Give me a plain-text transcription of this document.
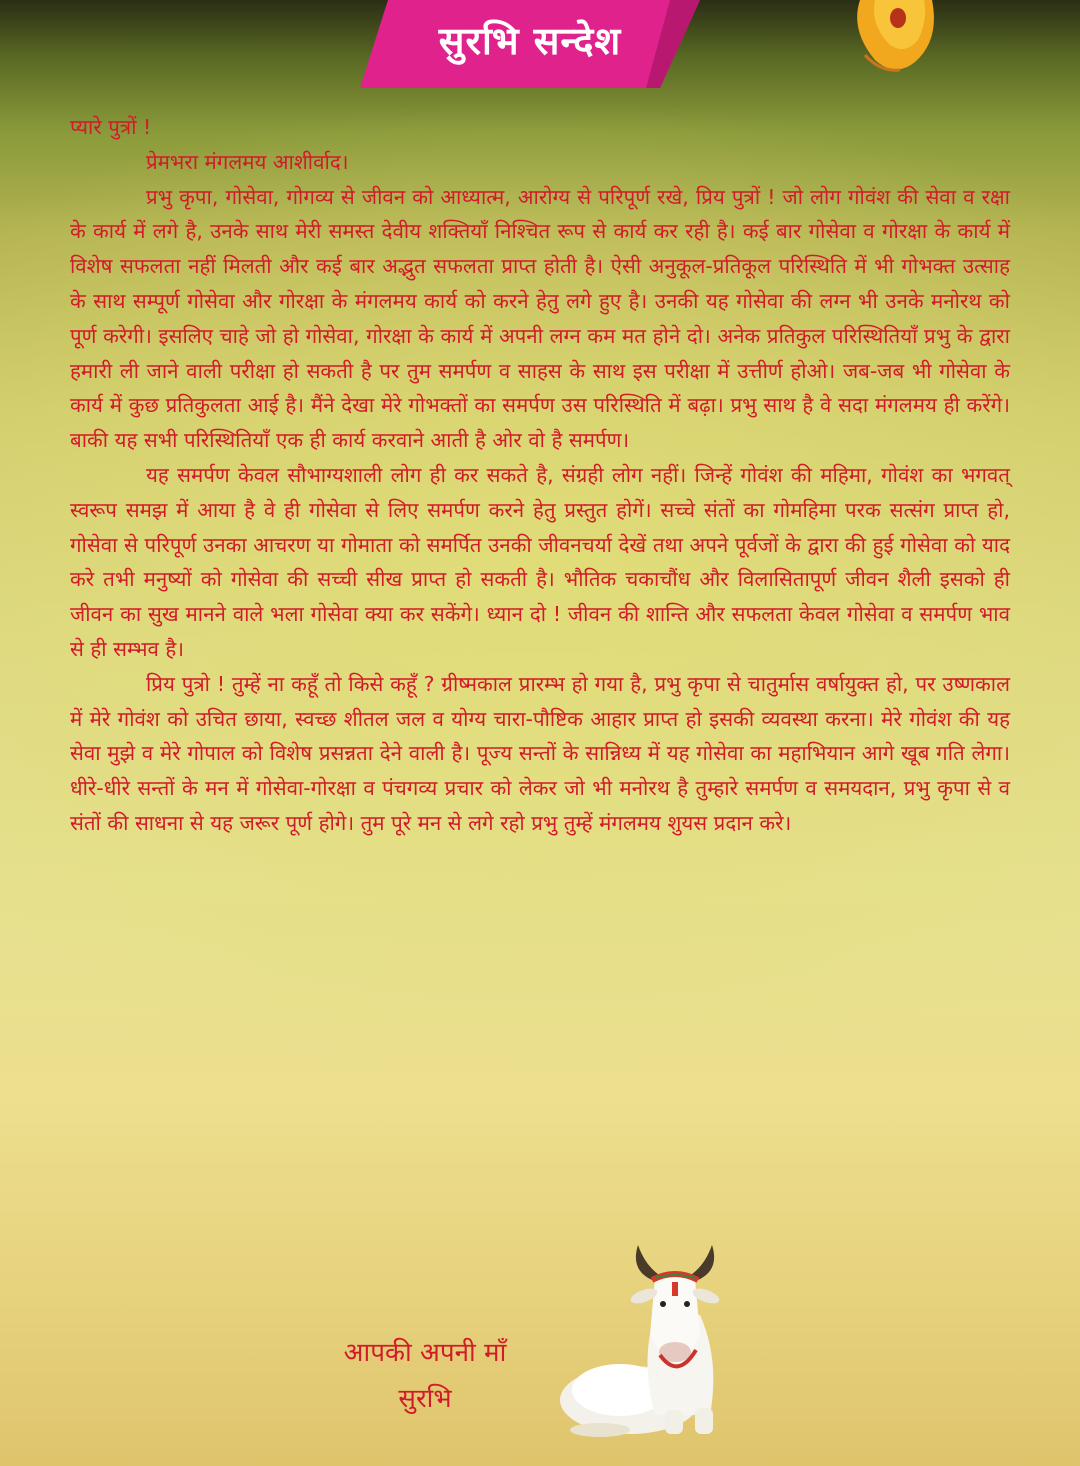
सुरभि सन्देश

प्यारे पुत्रों !

प्रेमभरा मंगलमय आशीर्वाद।

प्रभु कृपा, गोसेवा, गोगव्य से जीवन को आध्यात्म, आरोग्य से परिपूर्ण रखे, प्रिय पुत्रों ! जो लोग गोवंश की सेवा व रक्षा के कार्य में लगे है, उनके साथ मेरी समस्त देवीय शक्तियाँ निश्चित रूप से कार्य कर रही है। कई बार गोसेवा व गोरक्षा के कार्य में विशेष सफलता नहीं मिलती और कई बार अद्भुत सफलता प्राप्त होती है। ऐसी अनुकूल-प्रतिकूल परिस्थिति में भी गोभक्त उत्साह के साथ सम्पूर्ण गोसेवा और गोरक्षा के मंगलमय कार्य को करने हेतु लगे हुए है। उनकी यह गोसेवा की लग्न भी उनके मनोरथ को पूर्ण करेगी। इसलिए चाहे जो हो गोसेवा, गोरक्षा के कार्य में अपनी लग्न कम मत होने दो। अनेक प्रतिकुल परिस्थितियाँ प्रभु के द्वारा हमारी ली जाने वाली परीक्षा हो सकती है पर तुम समर्पण व साहस के साथ इस परीक्षा में उत्तीर्ण होओ। जब-जब भी गोसेवा के कार्य में कुछ प्रतिकुलता आई है। मैंने देखा मेरे गोभक्तों का समर्पण उस परिस्थिति में बढ़ा। प्रभु साथ है वे सदा मंगलमय ही करेंगे। बाकी यह सभी परिस्थितियाँ एक ही कार्य करवाने आती है ओर वो है समर्पण।

यह समर्पण केवल सौभाग्यशाली लोग ही कर सकते है, संग्रही लोग नहीं। जिन्हें गोवंश की महिमा, गोवंश का भगवत् स्वरूप समझ में आया है वे ही गोसेवा से लिए समर्पण करने हेतु प्रस्तुत होगें। सच्चे संतों का गोमहिमा परक सत्संग प्राप्त हो, गोसेवा से परिपूर्ण उनका आचरण या गोमाता को समर्पित उनकी जीवनचर्या देखें तथा अपने पूर्वजों के द्वारा की हुई गोसेवा को याद करे तभी मनुष्यों को गोसेवा की सच्ची सीख प्राप्त हो सकती है। भौतिक चकाचौंध और विलासितापूर्ण जीवन शैली इसको ही जीवन का सुख मानने वाले भला गोसेवा क्या कर सकेंगे। ध्यान दो ! जीवन की शान्ति और सफलता केवल गोसेवा व समर्पण भाव से ही सम्भव है।

प्रिय पुत्रो ! तुम्हें ना कहूँ तो किसे कहूँ ? ग्रीष्मकाल प्रारम्भ हो गया है, प्रभु कृपा से चातुर्मास वर्षायुक्त हो, पर उष्णकाल में मेरे गोवंश को उचित छाया, स्वच्छ शीतल जल व योग्य चारा-पौष्टिक आहार प्राप्त हो इसकी व्यवस्था करना। मेरे गोवंश की यह सेवा मुझे व मेरे गोपाल को विशेष प्रसन्नता देने वाली है। पूज्य सन्तों के सान्निध्य में यह गोसेवा का महाभियान आगे खूब गति लेगा। धीरे-धीरे सन्तों के मन में गोसेवा-गोरक्षा व पंचगव्य प्रचार को लेकर जो भी मनोरथ है तुम्हारे समर्पण व समयदान, प्रभु कृपा से व संतों की साधना से यह जरूर पूर्ण होगे। तुम पूरे मन से लगे रहो प्रभु तुम्हें मंगलमय शुयस प्रदान करे।

आपकी अपनी माँ
सुरभि
